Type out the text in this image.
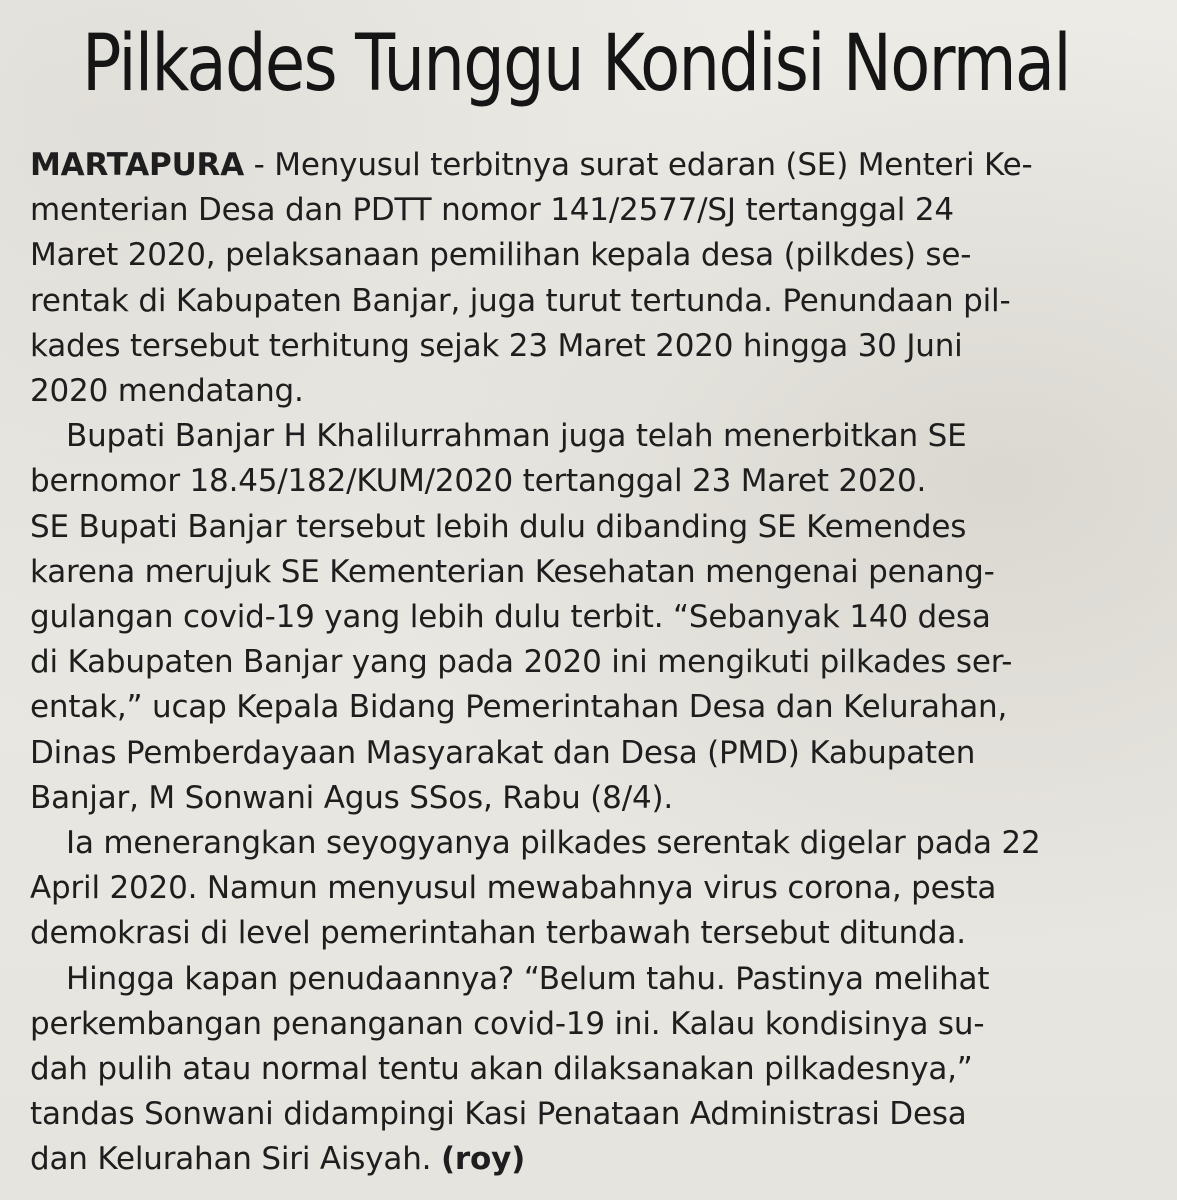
Pilkades Tunggu Kondisi Normal

MARTAPURA - Menyusul terbitnya surat edaran (SE) Menteri Ke-
menterian Desa dan PDTT nomor 141/2577/SJ tertanggal 24
Maret 2020, pelaksanaan pemilihan kepala desa (pilkdes) se-
rentak di Kabupaten Banjar, juga turut tertunda. Penundaan pil-
kades tersebut terhitung sejak 23 Maret 2020 hingga 30 Juni
2020 mendatang.

Bupati Banjar H Khalilurrahman juga telah menerbitkan SE
bernomor 18.45/182/KUM/2020 tertanggal 23 Maret 2020.
SE Bupati Banjar tersebut lebih dulu dibanding SE Kemendes
karena merujuk SE Kementerian Kesehatan mengenai penang-
gulangan covid-19 yang lebih dulu terbit. “Sebanyak 140 desa
di Kabupaten Banjar yang pada 2020 ini mengikuti pilkades ser-
entak,” ucap Kepala Bidang Pemerintahan Desa dan Kelurahan,
Dinas Pemberdayaan Masyarakat dan Desa (PMD) Kabupaten
Banjar, M Sonwani Agus SSos, Rabu (8/4).

Ia menerangkan seyogyanya pilkades serentak digelar pada 22
April 2020. Namun menyusul mewabahnya virus corona, pesta
demokrasi di level pemerintahan terbawah tersebut ditunda.

Hingga kapan penudaannya? “Belum tahu. Pastinya melihat
perkembangan penanganan covid-19 ini. Kalau kondisinya su-
dah pulih atau normal tentu akan dilaksanakan pilkadesnya,”
tandas Sonwani didampingi Kasi Penataan Administrasi Desa
dan Kelurahan Siri Aisyah. (roy)
